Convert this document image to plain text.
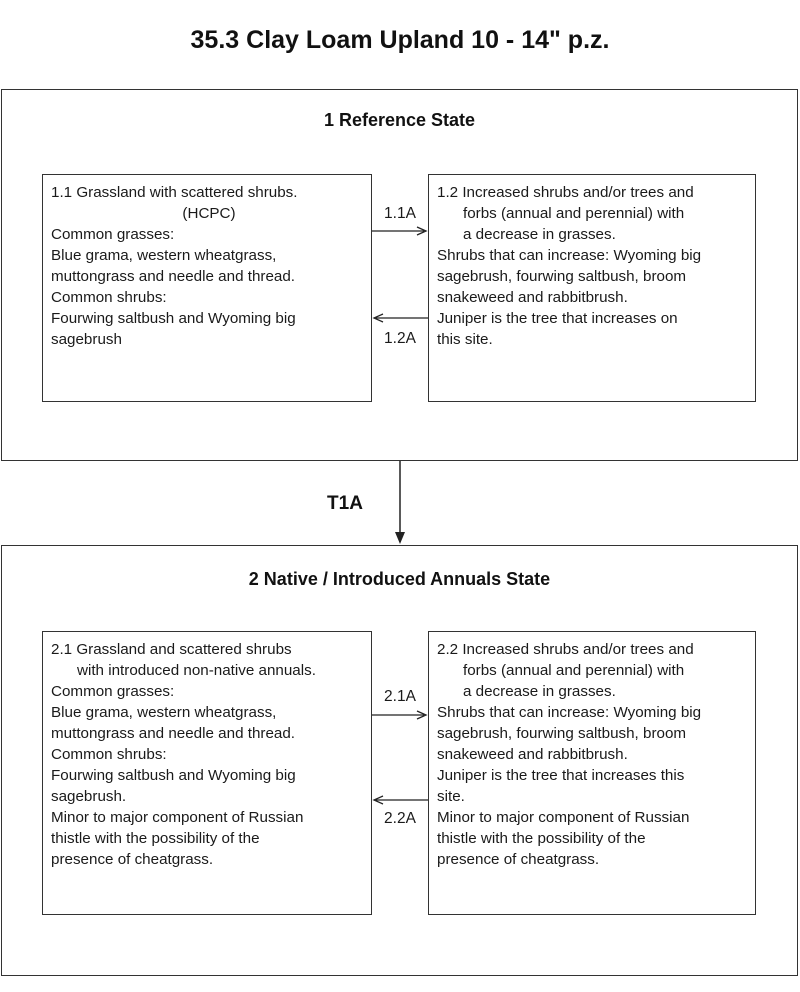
35.3 Clay Loam Upland 10 - 14" p.z.
1 Reference State
1.1 Grassland with scattered shrubs.
(HCPC)
Common grasses:
Blue grama, western wheatgrass,
muttongrass and needle and thread.
Common shrubs:
Fourwing saltbush and Wyoming big
sagebrush
1.2 Increased shrubs and/or trees and
forbs (annual and perennial) with
a decrease in grasses.
Shrubs that can increase: Wyoming big
sagebrush, fourwing saltbush, broom
snakeweed and rabbitbrush.
Juniper is the tree that increases on
this site.
1.1A
1.2A
T1A
2 Native / Introduced Annuals State
2.1 Grassland and scattered shrubs
with introduced non-native annuals.
Common grasses:
Blue grama, western wheatgrass,
muttongrass and needle and thread.
Common shrubs:
Fourwing saltbush and Wyoming big
sagebrush.
Minor to major component of Russian
thistle with the possibility of the
presence of cheatgrass.
2.2 Increased shrubs and/or trees and
forbs (annual and perennial) with
a decrease in grasses.
Shrubs that can increase: Wyoming big
sagebrush, fourwing saltbush, broom
snakeweed and rabbitbrush.
Juniper is the tree that increases this
site.
Minor to major component of Russian
thistle with the possibility of the
presence of cheatgrass.
2.1A
2.2A
